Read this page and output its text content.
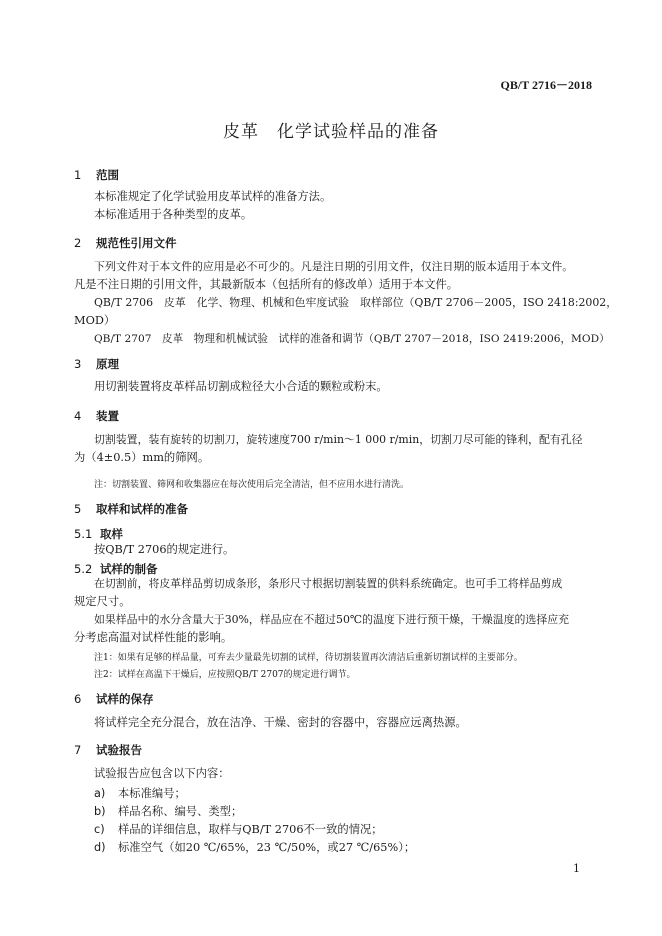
QB/T 2716－2018
皮革　化学试验样品的准备
1 范围
本标准规定了化学试验用皮革试样的准备方法。
本标准适用于各种类型的皮革。
2 规范性引用文件
下列文件对于本文件的应用是必不可少的。凡是注日期的引用文件，仅注日期的版本适用于本文件。
凡是不注日期的引用文件，其最新版本（包括所有的修改单）适用于本文件。
QB/T 2706　皮革　化学、物理、机械和色牢度试验　取样部位（QB/T 2706－2005，ISO 2418:2002，
MOD）
QB/T 2707　皮革　物理和机械试验　试样的准备和调节（QB/T 2707－2018，ISO 2419:2006，MOD）
3 原理
用切割装置将皮革样品切割成粒径大小合适的颗粒或粉末。
4 装置
切割装置，装有旋转的切割刀，旋转速度700 r/min～1 000 r/min，切割刀尽可能的锋利，配有孔径
为（4±0.5）mm的筛网。
注：切割装置、筛网和收集器应在每次使用后完全清洁，但不应用水进行清洗。
5 取样和试样的准备
5.1 取样
按QB/T 2706的规定进行。
5.2 试样的制备
在切割前，将皮革样品剪切成条形，条形尺寸根据切割装置的供料系统确定。也可手工将样品剪成
规定尺寸。
如果样品中的水分含量大于30%，样品应在不超过50℃的温度下进行预干燥，干燥温度的选择应充
分考虑高温对试样性能的影响。
注1：如果有足够的样品量，可弃去少量最先切割的试样，待切割装置再次清洁后重新切割试样的主要部分。
注2：试样在高温下干燥后，应按照QB/T 2707的规定进行调节。
6 试样的保存
将试样完全充分混合，放在洁净、干燥、密封的容器中，容器应远离热源。
7 试验报告
试验报告应包含以下内容：
a) 本标准编号；
b) 样品名称、编号、类型；
c) 样品的详细信息，取样与QB/T 2706不一致的情况；
d) 标准空气（如20 ℃/65%，23 ℃/50%，或27 ℃/65%）；
1
